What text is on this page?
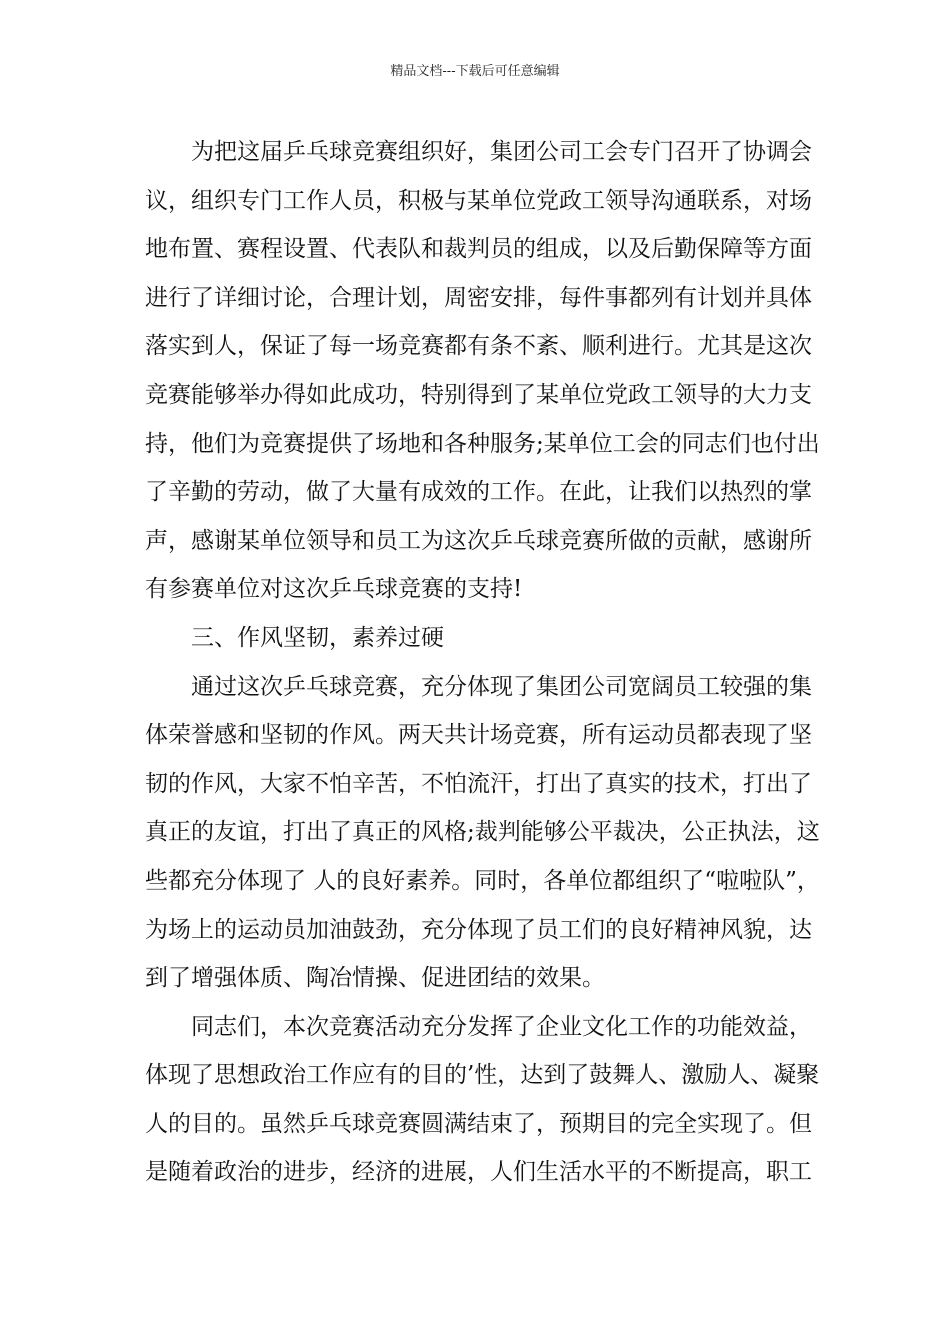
精品文档---下载后可任意编辑
为把这届乒乓球竞赛组织好，集团公司工会专门召开了协调会
议，组织专门工作人员，积极与某单位党政工领导沟通联系，对场
地布置、赛程设置、代表队和裁判员的组成，以及后勤保障等方面
进行了详细讨论，合理计划，周密安排，每件事都列有计划并具体
落实到人，保证了每一场竞赛都有条不紊、顺利进行。尤其是这次
竞赛能够举办得如此成功，特别得到了某单位党政工领导的大力支
持，他们为竞赛提供了场地和各种服务;某单位工会的同志们也付出
了辛勤的劳动，做了大量有成效的工作。在此，让我们以热烈的掌
声，感谢某单位领导和员工为这次乒乓球竞赛所做的贡献，感谢所
有参赛单位对这次乒乓球竞赛的支持!
三、作风坚韧，素养过硬
通过这次乒乓球竞赛，充分体现了集团公司宽阔员工较强的集
体荣誉感和坚韧的作风。两天共计场竞赛，所有运动员都表现了坚
韧的作风，大家不怕辛苦，不怕流汗，打出了真实的技术，打出了
真正的友谊，打出了真正的风格;裁判能够公平裁决，公正执法，这
些都充分体现了 人的良好素养。同时，各单位都组织了“啦啦队”，
为场上的运动员加油鼓劲，充分体现了员工们的良好精神风貌，达
到了增强体质、陶冶情操、促进团结的效果。
同志们，本次竞赛活动充分发挥了企业文化工作的功能效益，
体现了思想政治工作应有的目的’性，达到了鼓舞人、激励人、凝聚
人的目的。虽然乒乓球竞赛圆满结束了，预期目的完全实现了。但
是随着政治的进步，经济的进展，人们生活水平的不断提高，职工
